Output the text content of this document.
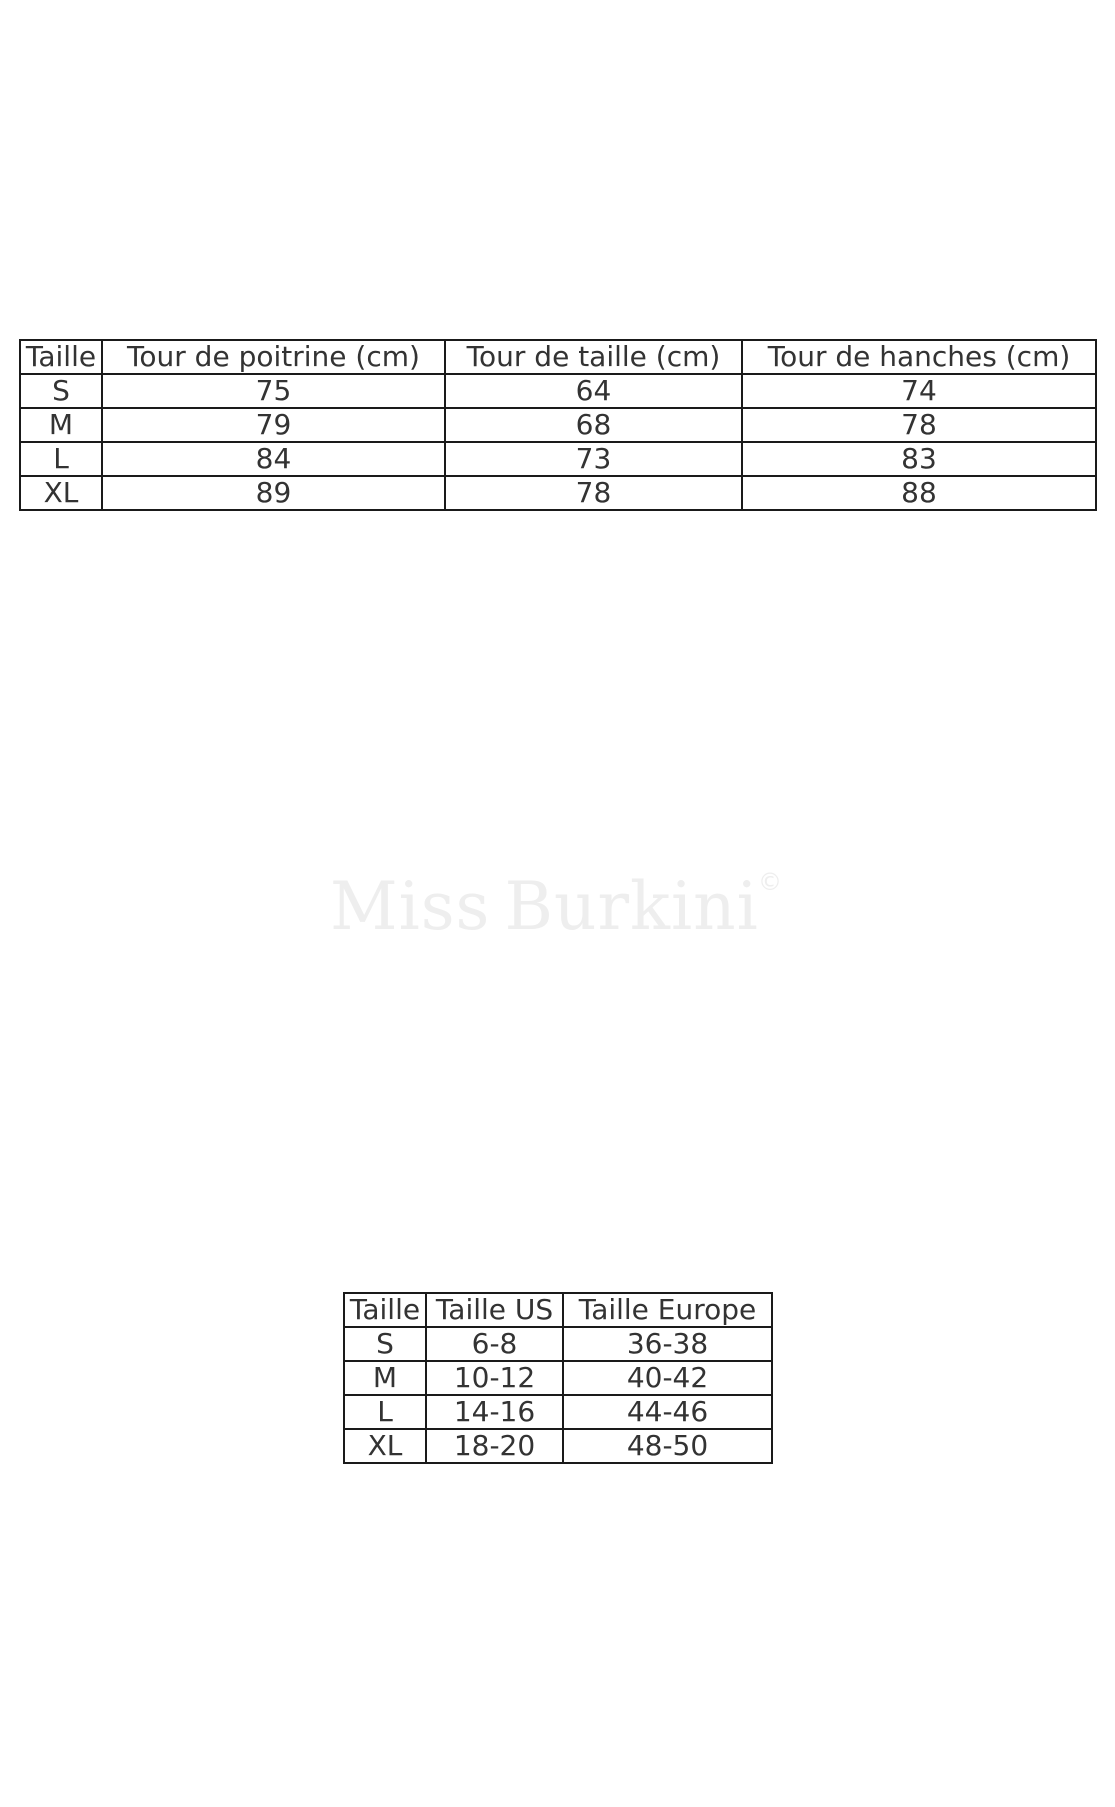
Taille	Tour de poitrine (cm)	Tour de taille (cm)	Tour de hanches (cm)
S	75	64	74
M	79	68	78
L	84	73	83
XL	89	78	88
Miss Burkini ©
Taille	Taille US	Taille Europe
S	6-8	36-38
M	10-12	40-42
L	14-16	44-46
XL	18-20	48-50
